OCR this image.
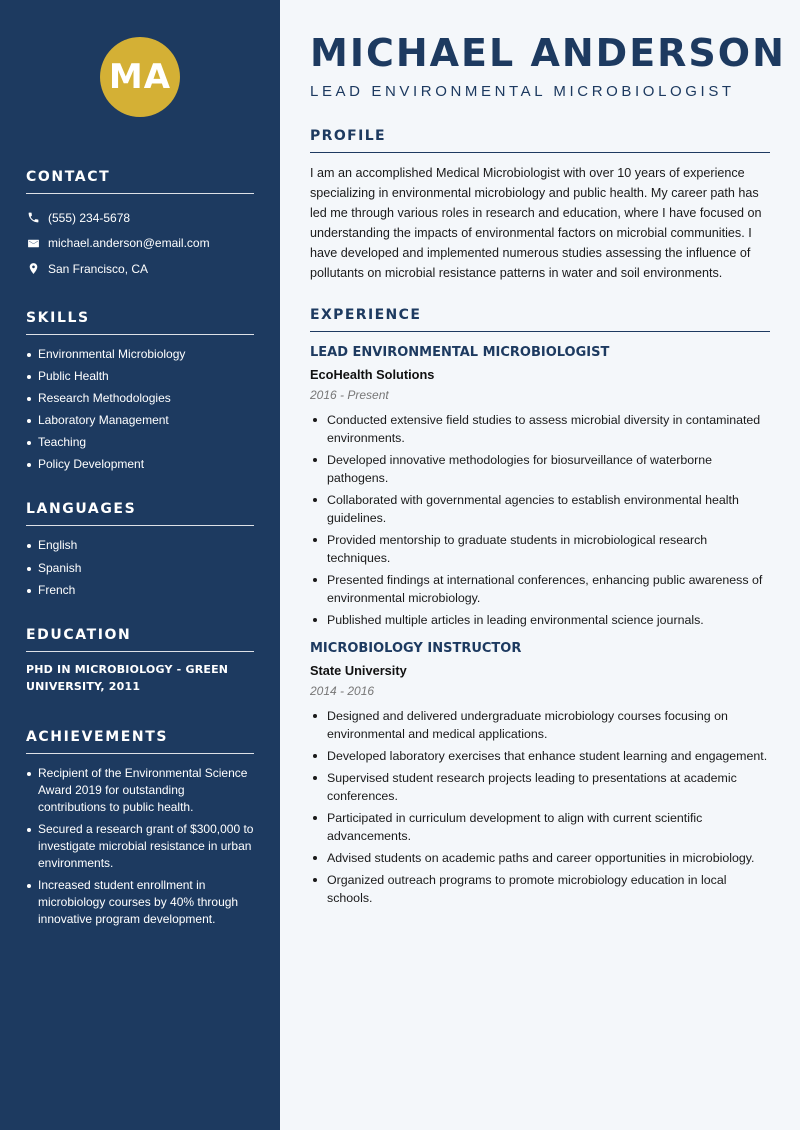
MA
CONTACT
(555) 234-5678
michael.anderson@email.com
San Francisco, CA
SKILLS
Environmental Microbiology
Public Health
Research Methodologies
Laboratory Management
Teaching
Policy Development
LANGUAGES
English
Spanish
French
EDUCATION

PHD IN MICROBIOLOGY - GREEN UNIVERSITY, 2011

ACHIEVEMENTS
Recipient of the Environmental Science Award 2019 for outstanding contributions to public health.
Secured a research grant of $300,000 to investigate microbial resistance in urban environments.
Increased student enrollment in microbiology courses by 40% through innovative program development.
MICHAEL ANDERSON
LEAD ENVIRONMENTAL MICROBIOLOGIST
PROFILE

I am an accomplished Medical Microbiologist with over 10 years of experience specializing in environmental microbiology and public health. My career path has led me through various roles in research and education, where I have focused on understanding the impacts of environmental factors on microbial communities. I have developed and implemented numerous studies assessing the influence of pollutants on microbial resistance patterns in water and soil environments.

EXPERIENCE
LEAD ENVIRONMENTAL MICROBIOLOGIST
EcoHealth Solutions
2016 - Present
Conducted extensive field studies to assess microbial diversity in contaminated environments.
Developed innovative methodologies for biosurveillance of waterborne pathogens.
Collaborated with governmental agencies to establish environmental health guidelines.
Provided mentorship to graduate students in microbiological research techniques.
Presented findings at international conferences, enhancing public awareness of environmental microbiology.
Published multiple articles in leading environmental science journals.
MICROBIOLOGY INSTRUCTOR
State University
2014 - 2016
Designed and delivered undergraduate microbiology courses focusing on environmental and medical applications.
Developed laboratory exercises that enhance student learning and engagement.
Supervised student research projects leading to presentations at academic conferences.
Participated in curriculum development to align with current scientific advancements.
Advised students on academic paths and career opportunities in microbiology.
Organized outreach programs to promote microbiology education in local schools.
